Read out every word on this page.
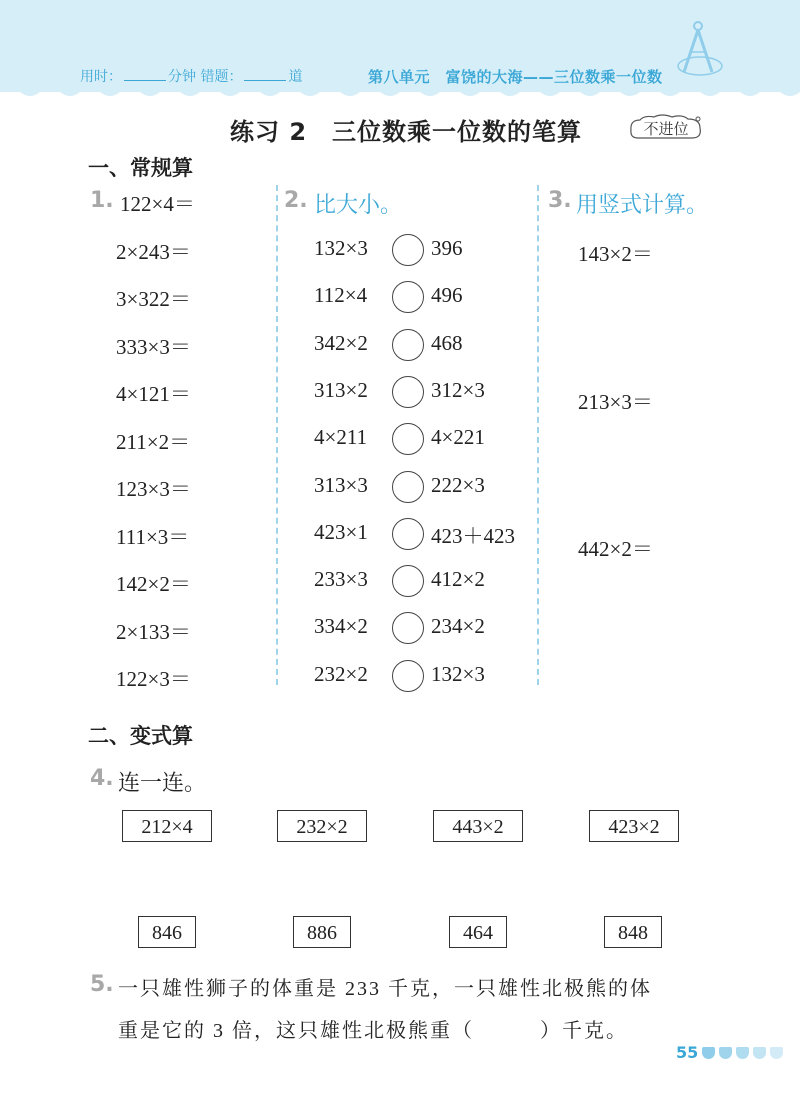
用时：	分钟 错题：	道	第八单元　富饶的大海——三位数乘一位数
练习 2　三位数乘一位数的笔算	不进位
一、常规算
1. 122×4＝
2×243＝
3×322＝
333×3＝
4×121＝
211×2＝
123×3＝
111×3＝
142×2＝
2×133＝
122×3＝
2. 比大小。
132×3	396
112×4	496
342×2	468
313×2	312×3
4×211	4×221
313×3	222×3
423×1	423＋423
233×3	412×2
334×2	234×2
232×2	132×3
3. 用竖式计算。
143×2＝
213×3＝
442×2＝
二、变式算
4. 连一连。
212×4	232×2	443×2	423×2
846	886	464	848
5. 一只雄性狮子的体重是 233 千克，一只雄性北极熊的体
重是它的 3 倍，这只雄性北极熊重（　　　）千克。
55
